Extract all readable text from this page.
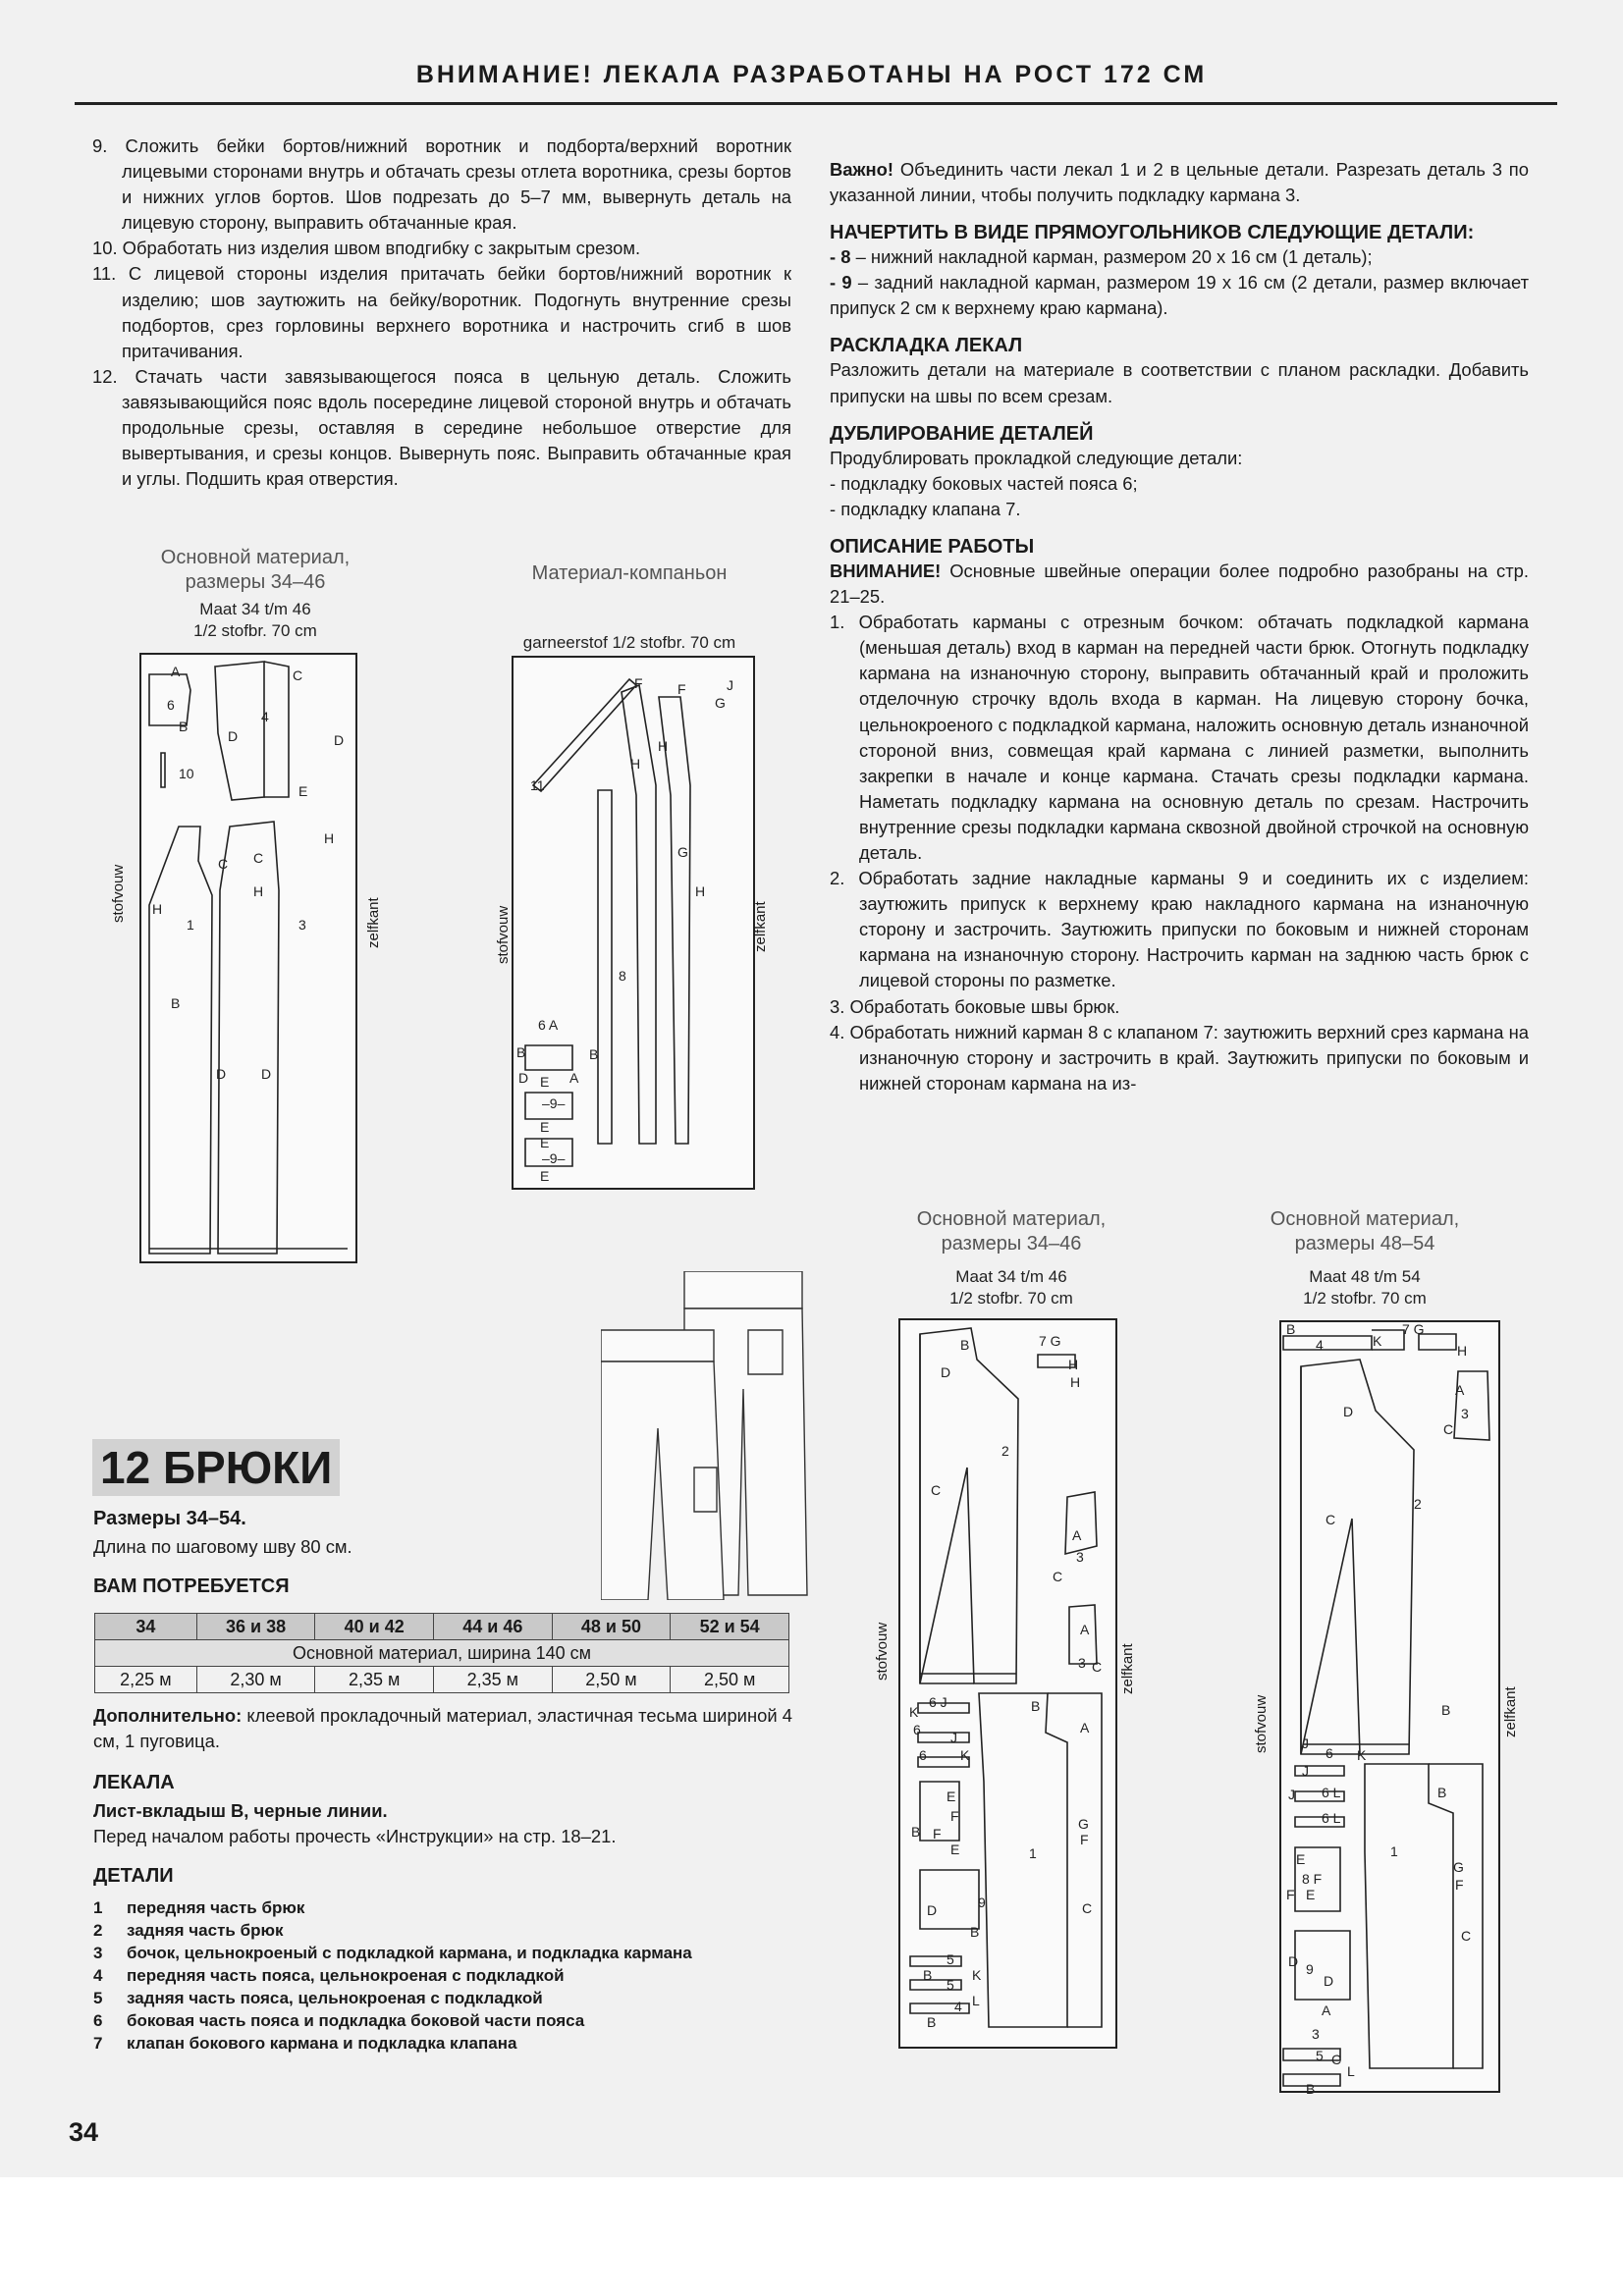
ВНИМАНИЕ! ЛЕКАЛА РАЗРАБОТАНЫ НА РОСТ 172 СМ

9. Сложить бейки бортов/нижний воротник и подборта/верхний воротник лицевыми сторонами внутрь и обтачать срезы отлета воротника, срезы бортов и нижних углов бортов. Шов подрезать до 5–7 мм, вывернуть деталь на лицевую сторону, выправить обтачанные края.

10. Обработать низ изделия швом вподгибку с закрытым срезом.

11. С лицевой стороны изделия притачать бейки бортов/нижний воротник к изделию; шов заутюжить на бейку/воротник. Подогнуть внутренние срезы подбортов, срез горловины верхнего воротника и настрочить сгиб в шов притачивания.

12. Стачать части завязывающегося пояса в цельную деталь. Сложить завязывающийся пояс вдоль посередине лицевой стороной внутрь и обтачать продольные срезы, оставляя в середине небольшое отверстие для вывертывания, и срезы концов. Вывернуть пояс. Выправить обтачанные края и углы. Подшить края отверстия.

Основной материал,
размеры 34–46
Maat 34 t/m 46
1/2 stofbr. 70 cm
stofvouw
zelfkant
A
6
B
4
C
D	D
E
10
1	3
C
H
H
B
D	D
C
H
Материал-компаньон
garneerstof 1/2 stofbr. 70 cm
stofvouw	zelfkant
11
F	J
F
G
H
H
G
H
8
6 A
B	B
D	A
E
–9–
E
E
–9–
E

Важно! Объединить части лекал 1 и 2 в цельные детали. Разрезать деталь 3 по указанной линии, чтобы получить подкладку кармана 3.

НАЧЕРТИТЬ В ВИДЕ ПРЯМОУГОЛЬНИКОВ СЛЕДУЮЩИЕ ДЕТАЛИ:

- 8 – нижний накладной карман, размером 20 х 16 см (1 деталь);

- 9 – задний накладной карман, размером 19 х 16 см (2 детали, размер включает припуск 2 см к верхнему краю кармана).

РАСКЛАДКА ЛЕКАЛ

Разложить детали на материале в соответствии с планом раскладки. Добавить припуски на швы по всем срезам.

ДУБЛИРОВАНИЕ ДЕТАЛЕЙ

Продублировать прокладкой следующие детали:

- подкладку боковых частей пояса 6;

- подкладку клапана 7.

ОПИСАНИЕ РАБОТЫ

ВНИМАНИЕ! Основные швейные операции более подробно разобраны на стр. 21–25.

1. Обработать карманы с отрезным бочком: обтачать подкладкой кармана (меньшая деталь) вход в карман на передней части брюк. Отогнуть подкладку кармана на изнаночную сторону, выправить обтачанный край и проложить отделочную строчку вдоль входа в карман. На лицевую сторону бочка, цельнокроеного с подкладкой кармана, наложить основную деталь изнаночной стороной вниз, совмещая край кармана с линией разметки, выполнить закрепки в начале и конце кармана. Стачать срезы подкладки кармана. Наметать подкладку кармана на основную деталь по срезам. Настрочить внутренние срезы подкладки кармана сквозной двойной строчкой на основную деталь.

2. Обработать задние накладные карманы 9 и соединить их с изделием: заутюжить припуск к верхнему краю накладного кармана на изнаночную сторону и застрочить. Заутюжить припуски по боковым и нижней сторонам кармана на изнаночную сторону. Настрочить карман на заднюю часть брюк с лицевой стороны по разметке.

3. Обработать боковые швы брюк.

4. Обработать нижний карман 8 с клапаном 7: заутюжить верхний срез кармана на изнаночную сторону и застрочить в край. Заутюжить припуски по боковым и нижней сторонам кармана на из-

12 БРЮКИ
Размеры 34–54.
Длина по шаговому шву 80 см.
ВАМ ПОТРЕБУЕТСЯ
34	36 и 38	40 и 42	44 и 46	48 и 50	52 и 54
Основной материал, ширина 140 см					
2,25 м	2,30 м	2,35 м	2,35 м	2,50 м	2,50 м
Дополнительно: клеевой прокладочный материал, эластичная тесьма шириной 4 см, 1 пуговица.
ЛЕКАЛА
Лист-вкладыш B, черные линии.
Перед началом работы прочесть «Инструкции» на стр. 18–21.
ДЕТАЛИ
1 передняя часть брюк
2 задняя часть брюк
3 бочок, цельнокроеный с подкладкой кармана, и подкладка кармана
4 передняя часть пояса, цельнокроеная с подкладкой
5 задняя часть пояса, цельнокроеная с подкладкой
6 боковая часть пояса и подкладка боковой части пояса
7 клапан бокового кармана и подкладка клапана
Основной материал,
размеры 34–46
Maat 34 t/m 46
1/2 stofbr. 70 cm
stofvouw	zelfkant
B	7 G
H
D
H
2
C
A
3
C
A
3 C
B
K
6 J
6 J
6 K
E
F
B F
E
A
9
D
B
G
F
1
C
5
B
5
4
K
L
B
Основной материал,
размеры 48–54
Maat 48 t/m 54
1/2 stofbr. 70 cm
stofvouw	zelfkant
B
4	K
7 G
H
A
D
C
3
2
C
B
J
6 K
J
6 L
J
6 L
E
8 F
F E
D 9
D
A
3
C
B
1
G
F
C
5
L
B
34
